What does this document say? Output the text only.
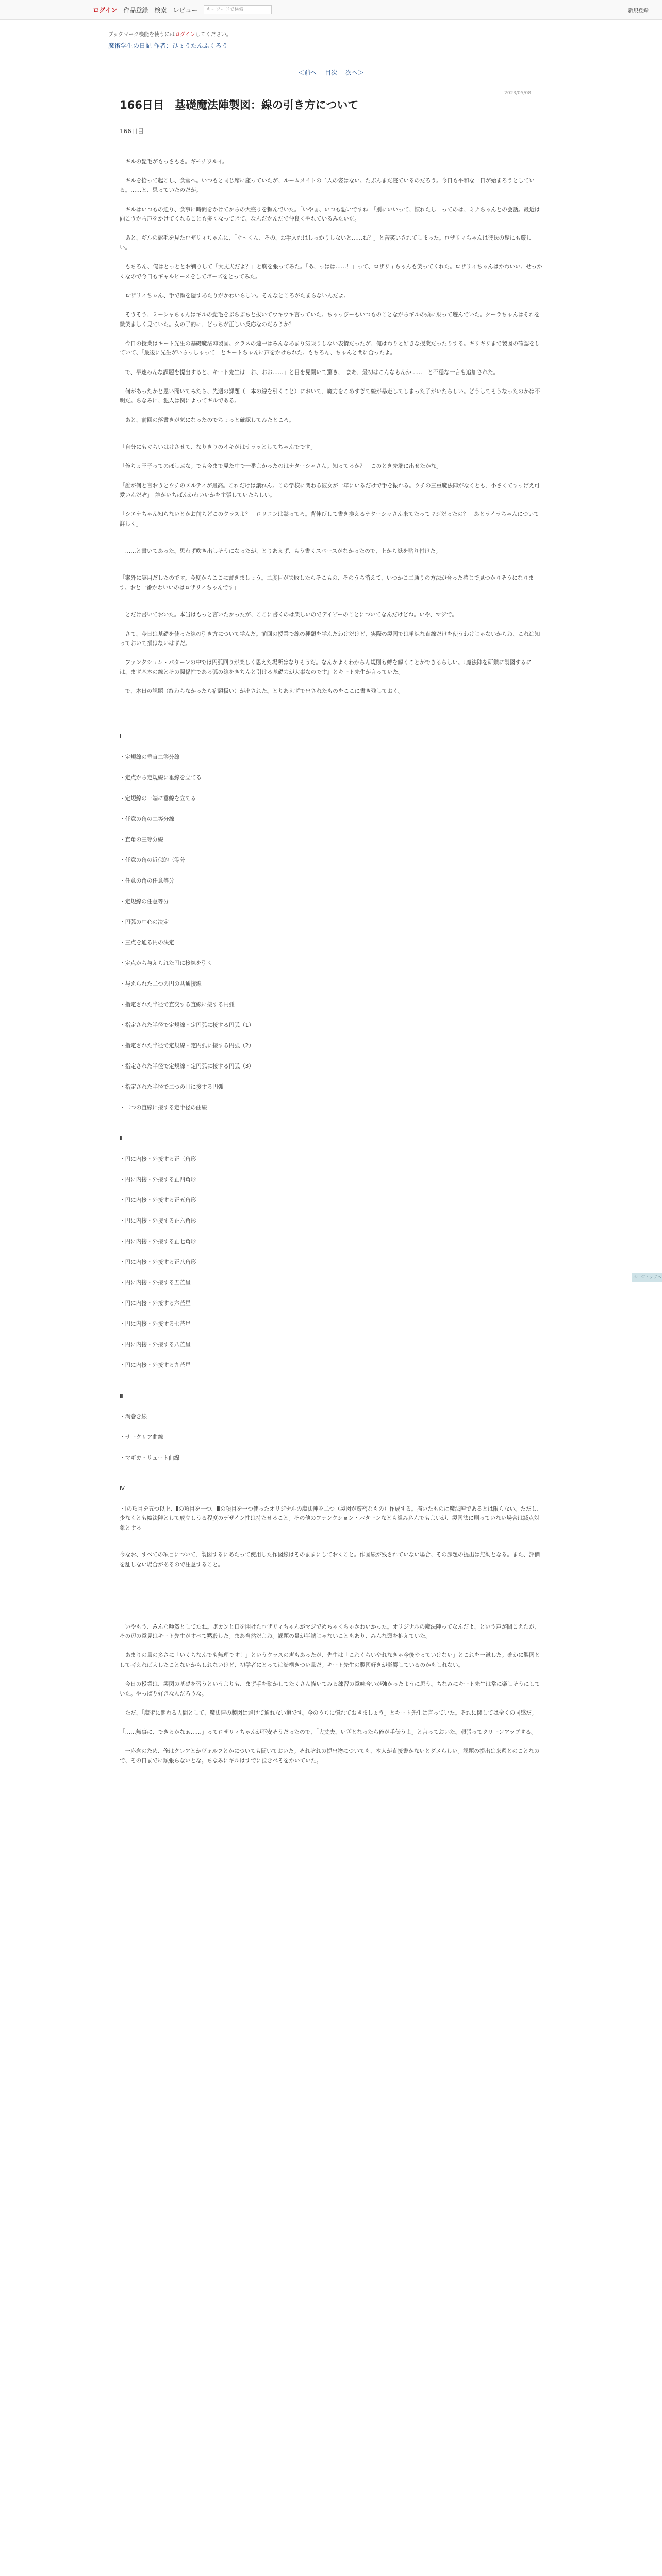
ログイン 作品登録 検索 レビュー	キーワードで検索	新規登録
ブックマーク機能を使うにはログインしてください。
魔術学生の日記 作者：ひょうたんふくろう
＜前へ 目次 次へ＞
2023/05/08
166日目　基礎魔法陣製図：線の引き方について
166日目
　ギルの髭毛がもっさもさ。ギモチワルイ。
　ギルを拾って起こし、食堂へ。いつもと同じ席に座っていたが、ルームメイトの二人の姿はない。たぶんまだ寝ているのだろう。今日も平和な一日が始まろうとしている。……と、思っていたのだが。
　ギルはいつもの通り、食事に時間をかけてからの大盛りを頼んでいた。「いやぁ、いつも悪いですね」「別にいいって、慣れたし」ってのは、ミナちゃんとの会話。最近は向こうから声をかけてくれることも多くなってきて、なんだかんだで仲良くやれているみたいだ。
　あと、ギルの髭毛を見たロザリィちゃんに、「ぐ〜くん、その、お手入れはしっかりしないと……ね？」と苦笑いされてしまった。ロザリィちゃんは彼氏の髭にも厳しい。
　もちろん、俺はとっととお剃りして「大丈夫だよ？」と胸を張ってみた。「あ、っはは……！」って、ロザリィちゃんも笑ってくれた。ロザリィちゃんはかわいい。せっかくなので今日もギャルピースをしてポーズをとってみた。
　ロザリィちゃん、手で顔を隠すあたりがかわいらしい。そんなところがたまらないんだよ。
　そうそう、ミーシャちゃんはギルの髭毛をぶちぶちと抜いてウキウキ言っていた。ちゃっぴーもいつものことながらギルの頭に乗って遊んでいた。クーラちゃんはそれを微笑ましく見ていた。女の子的に、どっちが正しい反応なのだろうか？
　今日の授業はキート先生の基礎魔法陣製図。クラスの連中はみんなあまり気乗りしない表情だったが、俺はわりと好きな授業だったりする。ギリギリまで製図の確認をしていて、「最後に先生がいらっしゃって」とキートちゃんに声をかけられた。もちろん、ちゃんと間に合ったよ。
　で、早速みんな課題を提出すると、キート先生は「お、おお……」と目を見開いて驚き、「まあ、最初はこんなもんか……」と不穏な一言も追加された。
　何があったかと思い聞いてみたら、先週の課題（一本の線を引くこと）において、魔力をこめすぎて線が暴走してしまった子がいたらしい。どうしてそうなったのかは不明だ。ちなみに、犯人は例によってギルである。
　あと、前回の落書きが気になったのでちょっと確認してみたところ。
「自分にもぐらいはけさせて、なりきりのイキがはサラッとしてちゃんでです」
「俺ちょ王子ってのぼしぶな。でも今まで見た中で一番よかったのはナターシャさん。知ってるか？　このとき先端に出せたかな」
「誰が何と言おうとウチのメルティが最高。これだけは譲れん。この学校に関わる彼女が一年にいるだけで手を振れる。ウチの三重魔法陣がなくとも、小さくてすっげえ可愛いんだぞ」　誰がいちばんかわいいかを主張していたらしい。
「シエナちゃん知らないとかお前らどこのクラスよ？　ロリコンは黙ってろ。背伸びして書き換えるナターシャさん来てたってマジだったの？　あとライラちゃんについて詳しく」
　……と書いてあった。思わず吹き出しそうになったが、とりあえず、もう書くスペースがなかったので、上から紙を貼り付けた。
「案外に実用だしたのです。今度からここに書きましょう。二度目が失敗したらそこもの、そのうち消えて、いつかこ二通りの方法が合った感じで見つかりそうになります。おと一番かわいいのはロザリィちゃんです」
　とだけ書いておいた。本当はもっと言いたかったが、ここに書くのは楽しいのでデイビーのことについてなんだけどね。いや、マジで。
　さて、今日は基礎を使った線の引き方について学んだ。前回の授業で線の種類を学んだわけだけど、実際の製図では単純な直線だけを使うわけじゃないからね、これは知っておいて損はないはずだ。
　ファンクション・パターンの中では円弧回りが楽しく思えた場所はなりそうだ。なんかよくわからん規則も縛を解くことができるらしい。『魔法陣を研鑽に製図するには、まず基本の線とその関係性である弧の線をきちんと引ける基礎力が大事なのです』とキート先生が言っていた。
　で、本日の課題（終わらなかったら宿題扱い）が出された。とりあえずで出されたものをここに書き残しておく。
Ⅰ
・定規線の垂直二等分線
・定点から定規線に垂線を立てる
・定規線の一端に垂線を立てる
・任意の角の二等分線
・直角の三等分線
・任意の角の近似的三等分
・任意の角の任意等分
・定規線の任意等分
・円弧の中心の決定
・三点を通る円の決定
・定点から与えられた円に接線を引く
・与えられた二つの円の共通接線
・指定された半径で直交する直線に接する円弧
・指定された半径で定規線・定円弧に接する円弧（1）
・指定された半径で定規線・定円弧に接する円弧（2）
・指定された半径で定規線・定円弧に接する円弧（3）
・指定された半径で二つの円に接する円弧
・二つの直線に接する定半径の曲線
Ⅱ
・円に内接・外接する正三角形
・円に内接・外接する正四角形
・円に内接・外接する正五角形
・円に内接・外接する正六角形
・円に内接・外接する正七角形
・円に内接・外接する正八角形
・円に内接・外接する五芒星
・円に内接・外接する六芒星
・円に内接・外接する七芒星
・円に内接・外接する八芒星
・円に内接・外接する九芒星
Ⅲ
・渦巻き線
・サークリア曲線
・マギカ・リュート曲線
Ⅳ
・Ⅰの項目を五つ以上、Ⅱの項目を一つ、Ⅲの項目を一つ使ったオリジナルの魔法陣を二つ（製図が厳密なもの）作成する。描いたものは魔法陣であるとは限らない。ただし、少なくとも魔法陣として成立しうる程度のデザイン性は持たせること。その他のファンクション・パターンなども組み込んでもよいが、製図法に則っていない場合は減点対象とする
今なお、すべての項目について、製図するにあたって使用した作図線はそのままにしておくこと。作図線が残されていない場合、その課題の提出は無効となる。また、評価を乱しない場合があるので注意すること。
　いやもう、みんな唖然としてたね。ポカンと口を開けたロザリィちゃんがマジでめちゃくちゃかわいかった。オリジナルの魔法陣ってなんだよ、という声が聞こえたが、その辺の意見はキート先生がすべて黙殺した。まあ当然だよね。課題の量が半端じゃないこともあり、みんな頭を抱えていた。
　あまりの量の多さに「いくらなんでも無理です！」というクラスの声もあったが、先生は「これくらいやれなきゃ今後やっていけない」とこれを一蹴した。確かに製図として考えれば大したことないかもしれないけど、初学者にとっては結構きつい量だ。キート先生の製図好きが影響しているのかもしれない。
　今日の授業は、製図の基礎を習うというよりも、まず手を動かしてたくさん描いてみる練習の意味合いが強かったように思う。ちなみにキート先生は常に楽しそうにしていた。やっぱり好きなんだろうな。
　ただ、「魔術に関わる人間として、魔法陣の製図は避けて通れない道です。今のうちに慣れておきましょう」とキート先生は言っていた。それに関しては全くの同感だ。
「……無事に、できるかなぁ……」ってロザリィちゃんが不安そうだったので、「大丈夫、いざとなったら俺が手伝うよ」と言っておいた。頑張ってクリーンアップする。
　一応念のため、俺はクレアとかヴォルフとかについても聞いておいた。それぞれの提出物についても、本人が直接書かないとダメらしい。課題の提出は来週とのことなので、その日までに頑張らないとな。ちなみにギルはすでに泣きべそをかいていた。
ページトップへ
